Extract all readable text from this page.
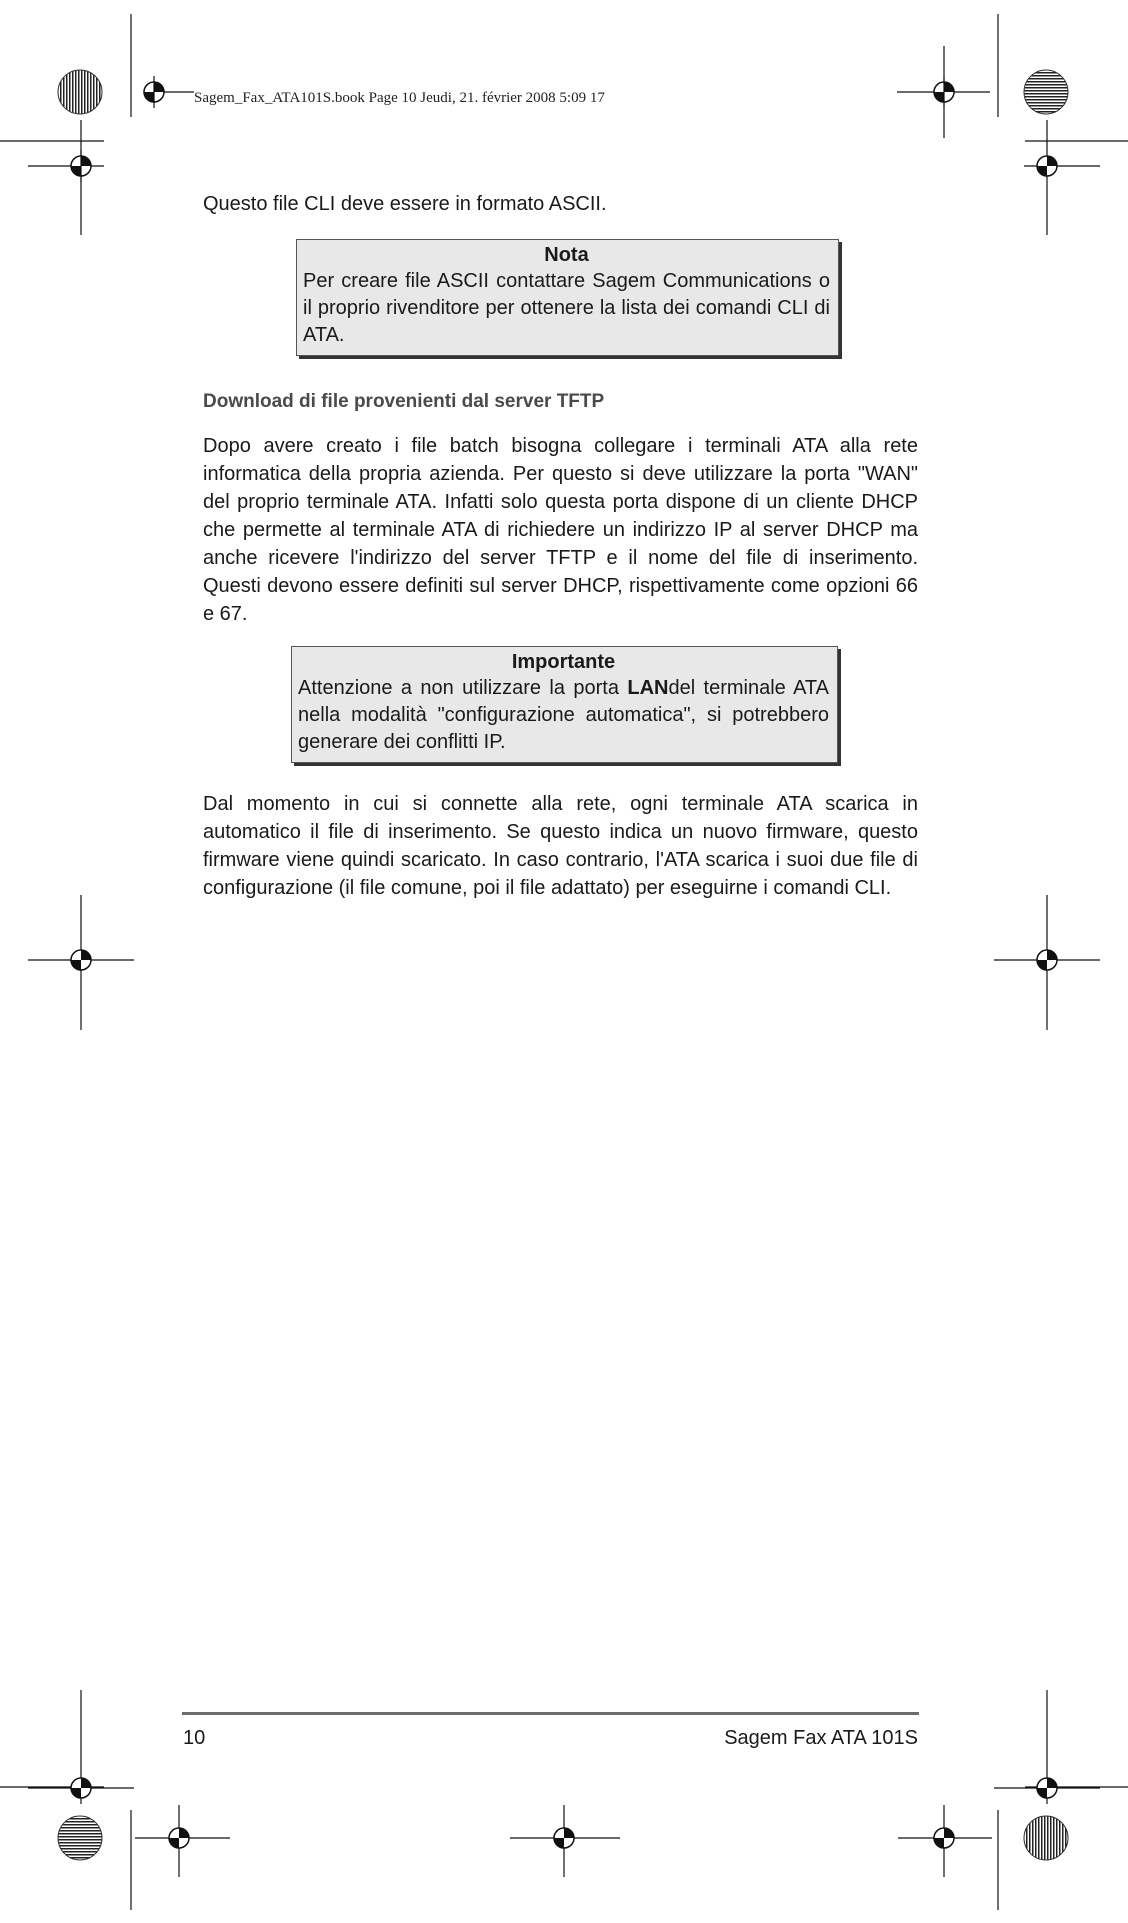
Sagem_Fax_ATA101S.book Page 10 Jeudi, 21. février 2008 5:09 17

Questo file CLI deve essere in formato ASCII.

Nota
Per creare file ASCII contattare Sagem Communications o il proprio rivenditore per ottenere la lista dei comandi CLI di ATA.
Download di file provenienti dal server TFTP

Dopo avere creato i file batch bisogna collegare i terminali ATA alla rete informatica della propria azienda. Per questo si deve utilizzare la porta "WAN" del proprio terminale ATA. Infatti solo questa porta dispone di un cliente DHCP che permette al terminale ATA di richiedere un indirizzo IP al server DHCP ma anche ricevere l'indirizzo del server TFTP e il nome del file di inserimento. Questi devono essere definiti sul server DHCP, rispettivamente come opzioni 66 e 67.

Importante
Attenzione a non utilizzare la porta LANdel terminale ATA nella modalità "configurazione automatica", si potrebbero generare dei conflitti IP.

Dal momento in cui si connette alla rete, ogni terminale ATA scarica in automatico il file di inserimento. Se questo indica un nuovo firmware, questo firmware viene quindi scaricato. In caso contrario, l'ATA scarica i suoi due file di configurazione (il file comune, poi il file adattato) per eseguirne i comandi CLI.

10	Sagem Fax ATA 101S
